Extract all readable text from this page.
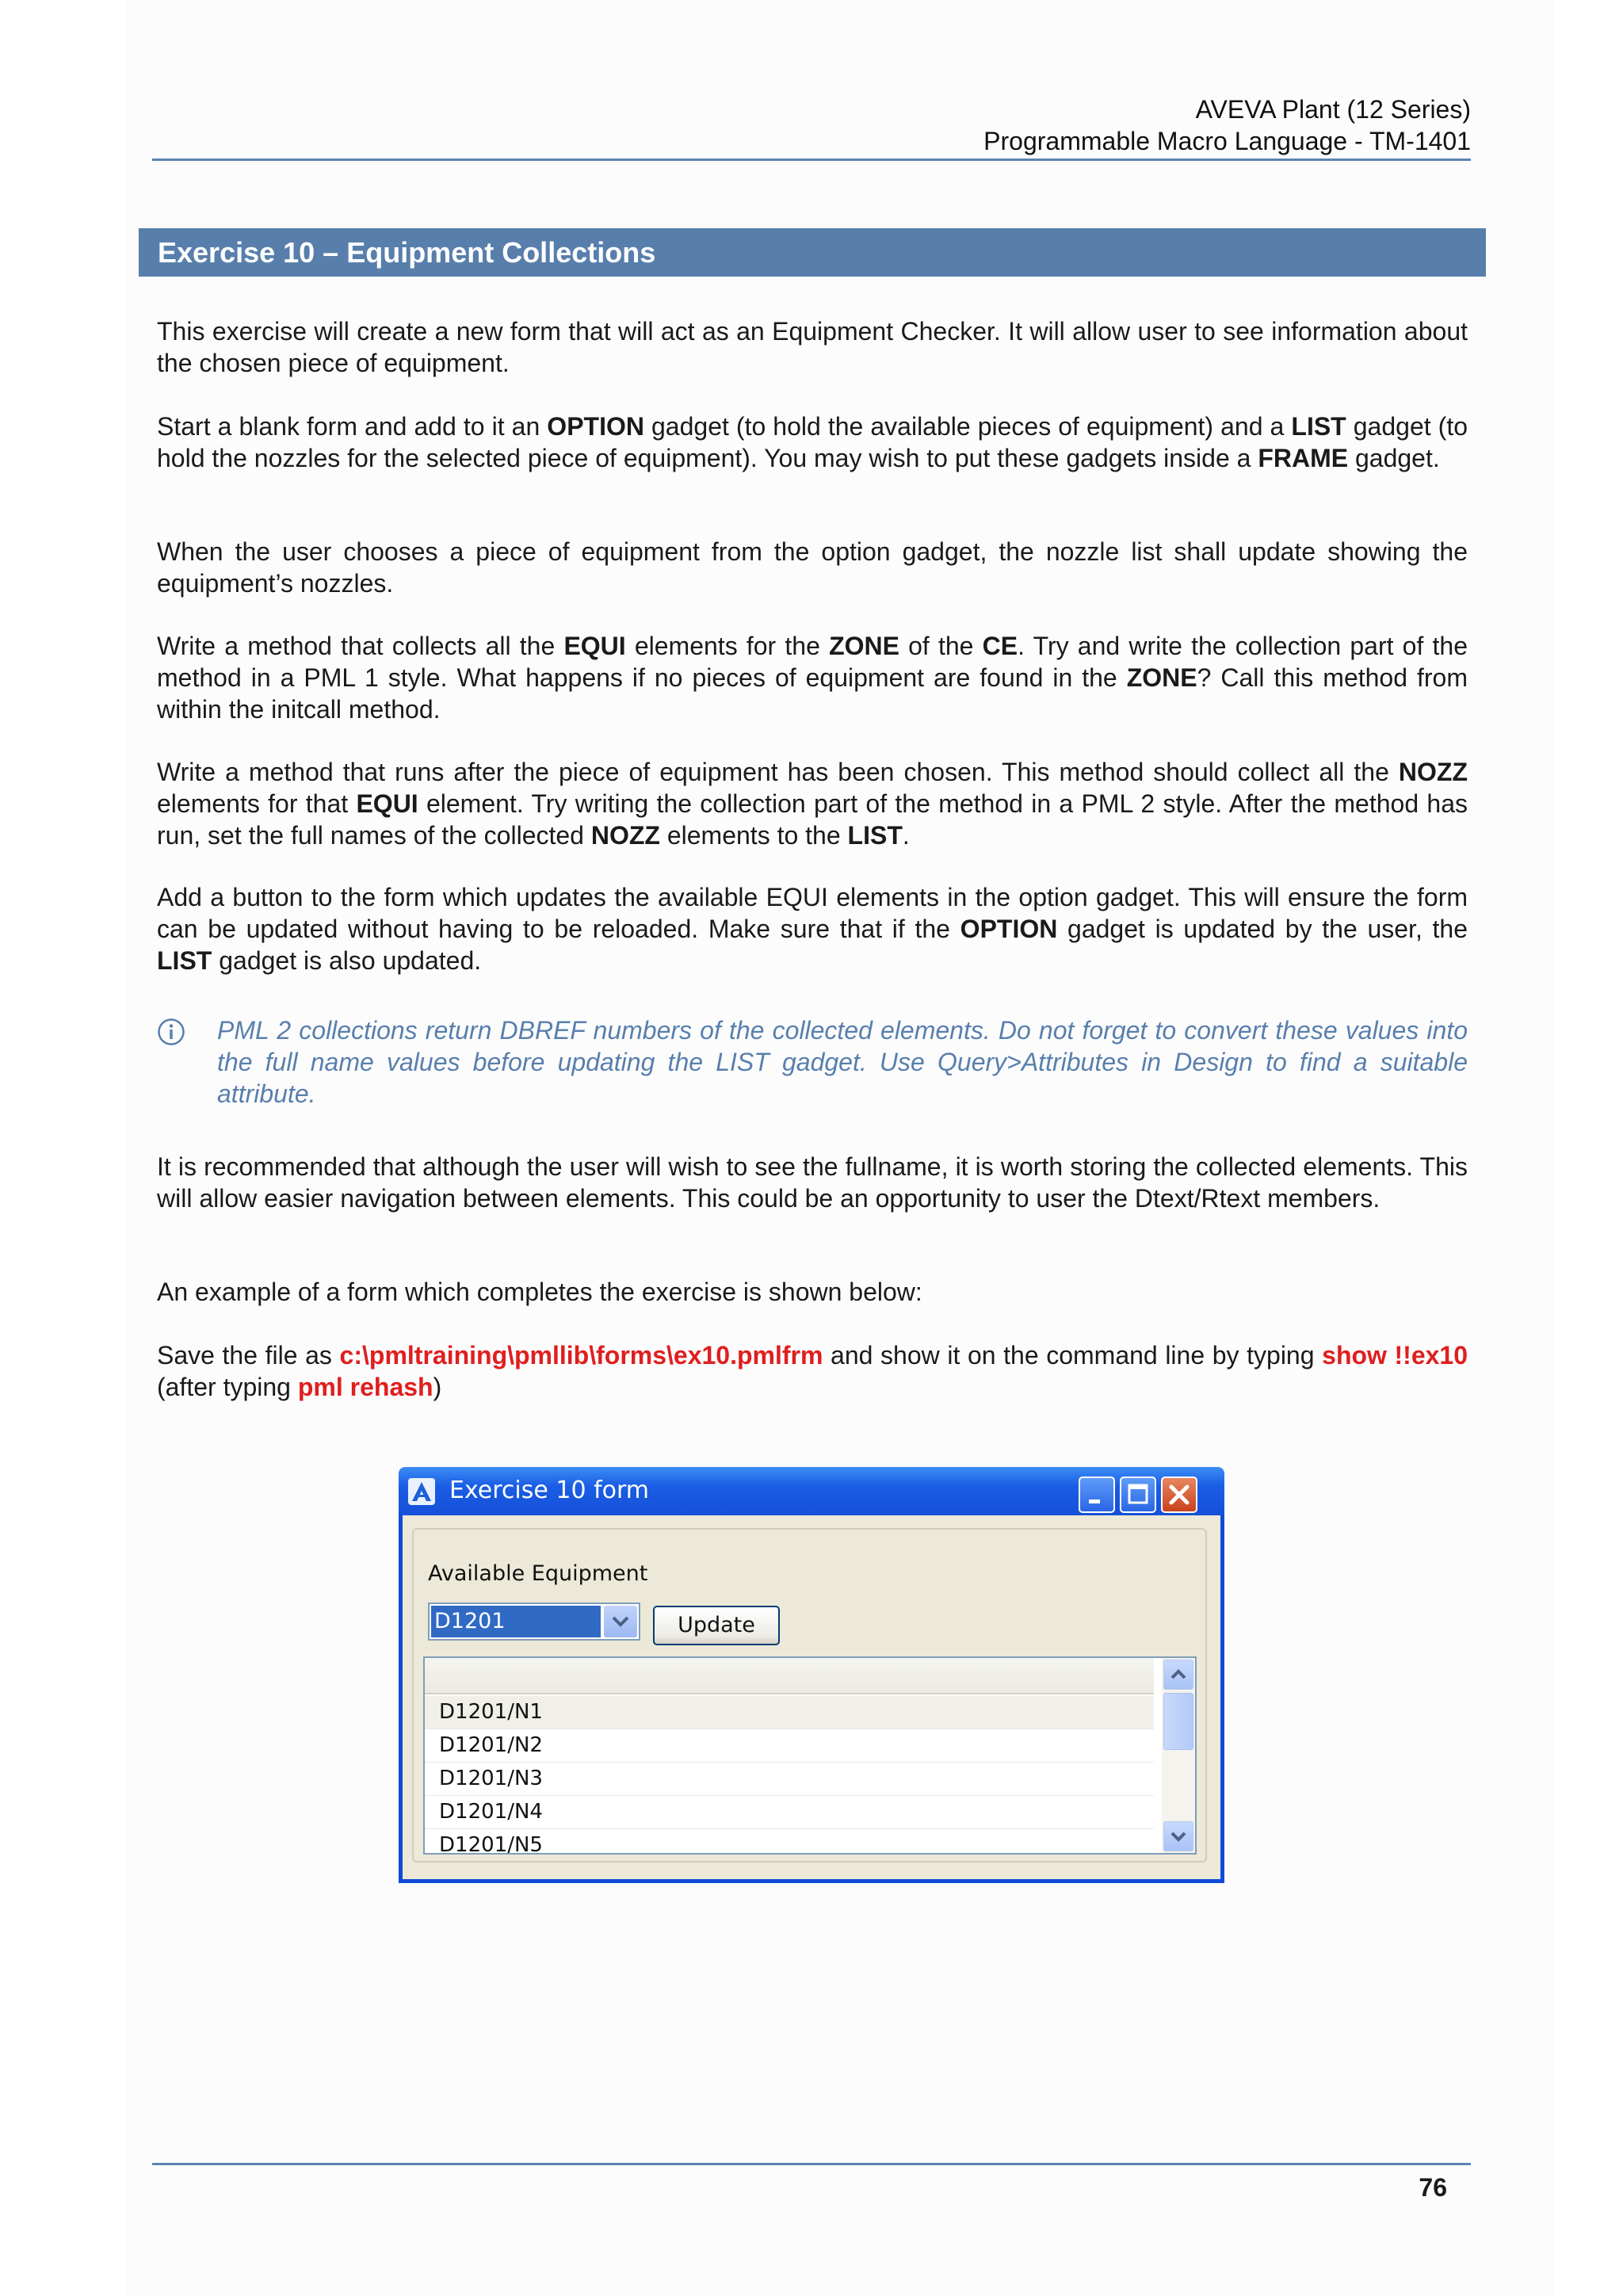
AVEVA Plant (12 Series)
Programmable Macro Language - TM-1401
Exercise 10 – Equipment Collections

This exercise will create a new form that will act as an Equipment Checker. It will allow user to see information about the chosen piece of equipment.

Start a blank form and add to it an OPTION gadget (to hold the available pieces of equipment) and a LIST gadget (to hold the nozzles for the selected piece of equipment). You may wish to put these gadgets inside a FRAME gadget.

When the user chooses a piece of equipment from the option gadget, the nozzle list shall update showing the equipment’s nozzles.

Write a method that collects all the EQUI elements for the ZONE of the CE. Try and write the collection part of the method in a PML 1 style. What happens if no pieces of equipment are found in the ZONE? Call this method from within the initcall method.

Write a method that runs after the piece of equipment has been chosen. This method should collect all the NOZZ elements for that EQUI element. Try writing the collection part of the method in a PML 2 style. After the method has run, set the full names of the collected NOZZ elements to the LIST.

Add a button to the form which updates the available EQUI elements in the option gadget. This will ensure the form can be updated without having to be reloaded. Make sure that if the OPTION gadget is updated by the user, the LIST gadget is also updated.

PML 2 collections return DBREF numbers of the collected elements. Do not forget to convert these values into the full name values before updating the LIST gadget. Use Query>Attributes in Design to find a suitable attribute.

It is recommended that although the user will wish to see the fullname, it is worth storing the collected elements. This will allow easier navigation between elements. This could be an opportunity to user the Dtext/Rtext members.

An example of a form which completes the exercise is shown below:

Save the file as c:\pmltraining\pmllib\forms\ex10.pmlfrm and show it on the command line by typing show !!ex10 (after typing pml rehash)

Exercise 10 form
Available Equipment
D1201	Update
D1201/N1
D1201/N2
D1201/N3
D1201/N4
D1201/N5
76
